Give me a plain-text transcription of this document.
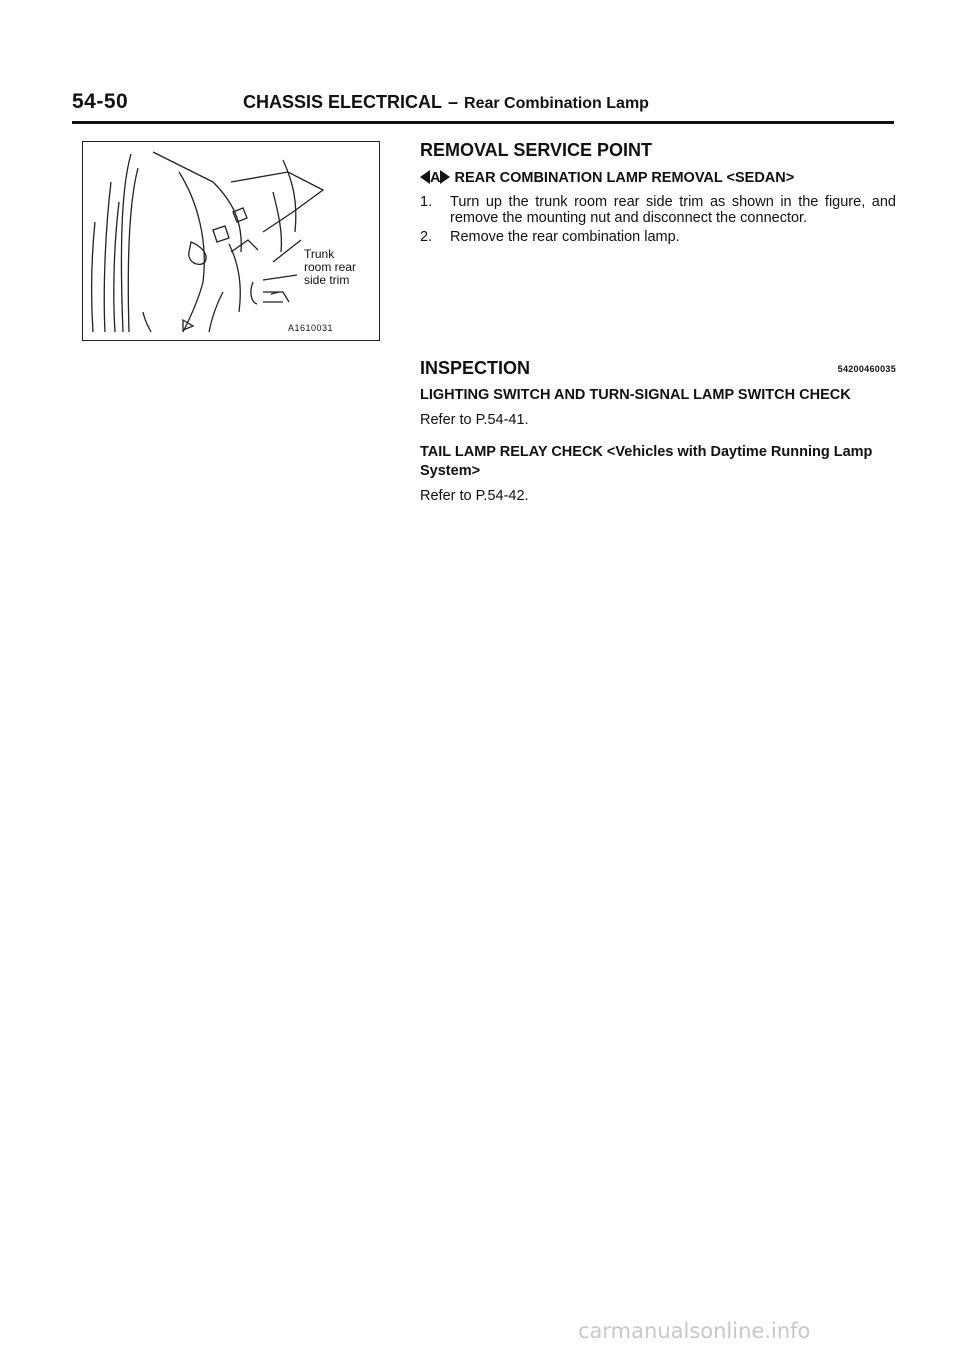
54-50	CHASSIS ELECTRICAL – Rear Combination Lamp
Trunk
room rear
side trim
A1610031
REMOVAL SERVICE POINT
A REAR COMBINATION LAMP REMOVAL <SEDAN>
1. Turn up the trunk room rear side trim as shown in the figure, and remove the mounting nut and disconnect the connector.
2. Remove the rear combination lamp.
INSPECTION	54200460035
LIGHTING SWITCH AND TURN-SIGNAL LAMP SWITCH CHECK
Refer to P.54-41.
TAIL LAMP RELAY CHECK <Vehicles with Daytime Running Lamp System>
Refer to P.54-42.
carmanualsonline.info
